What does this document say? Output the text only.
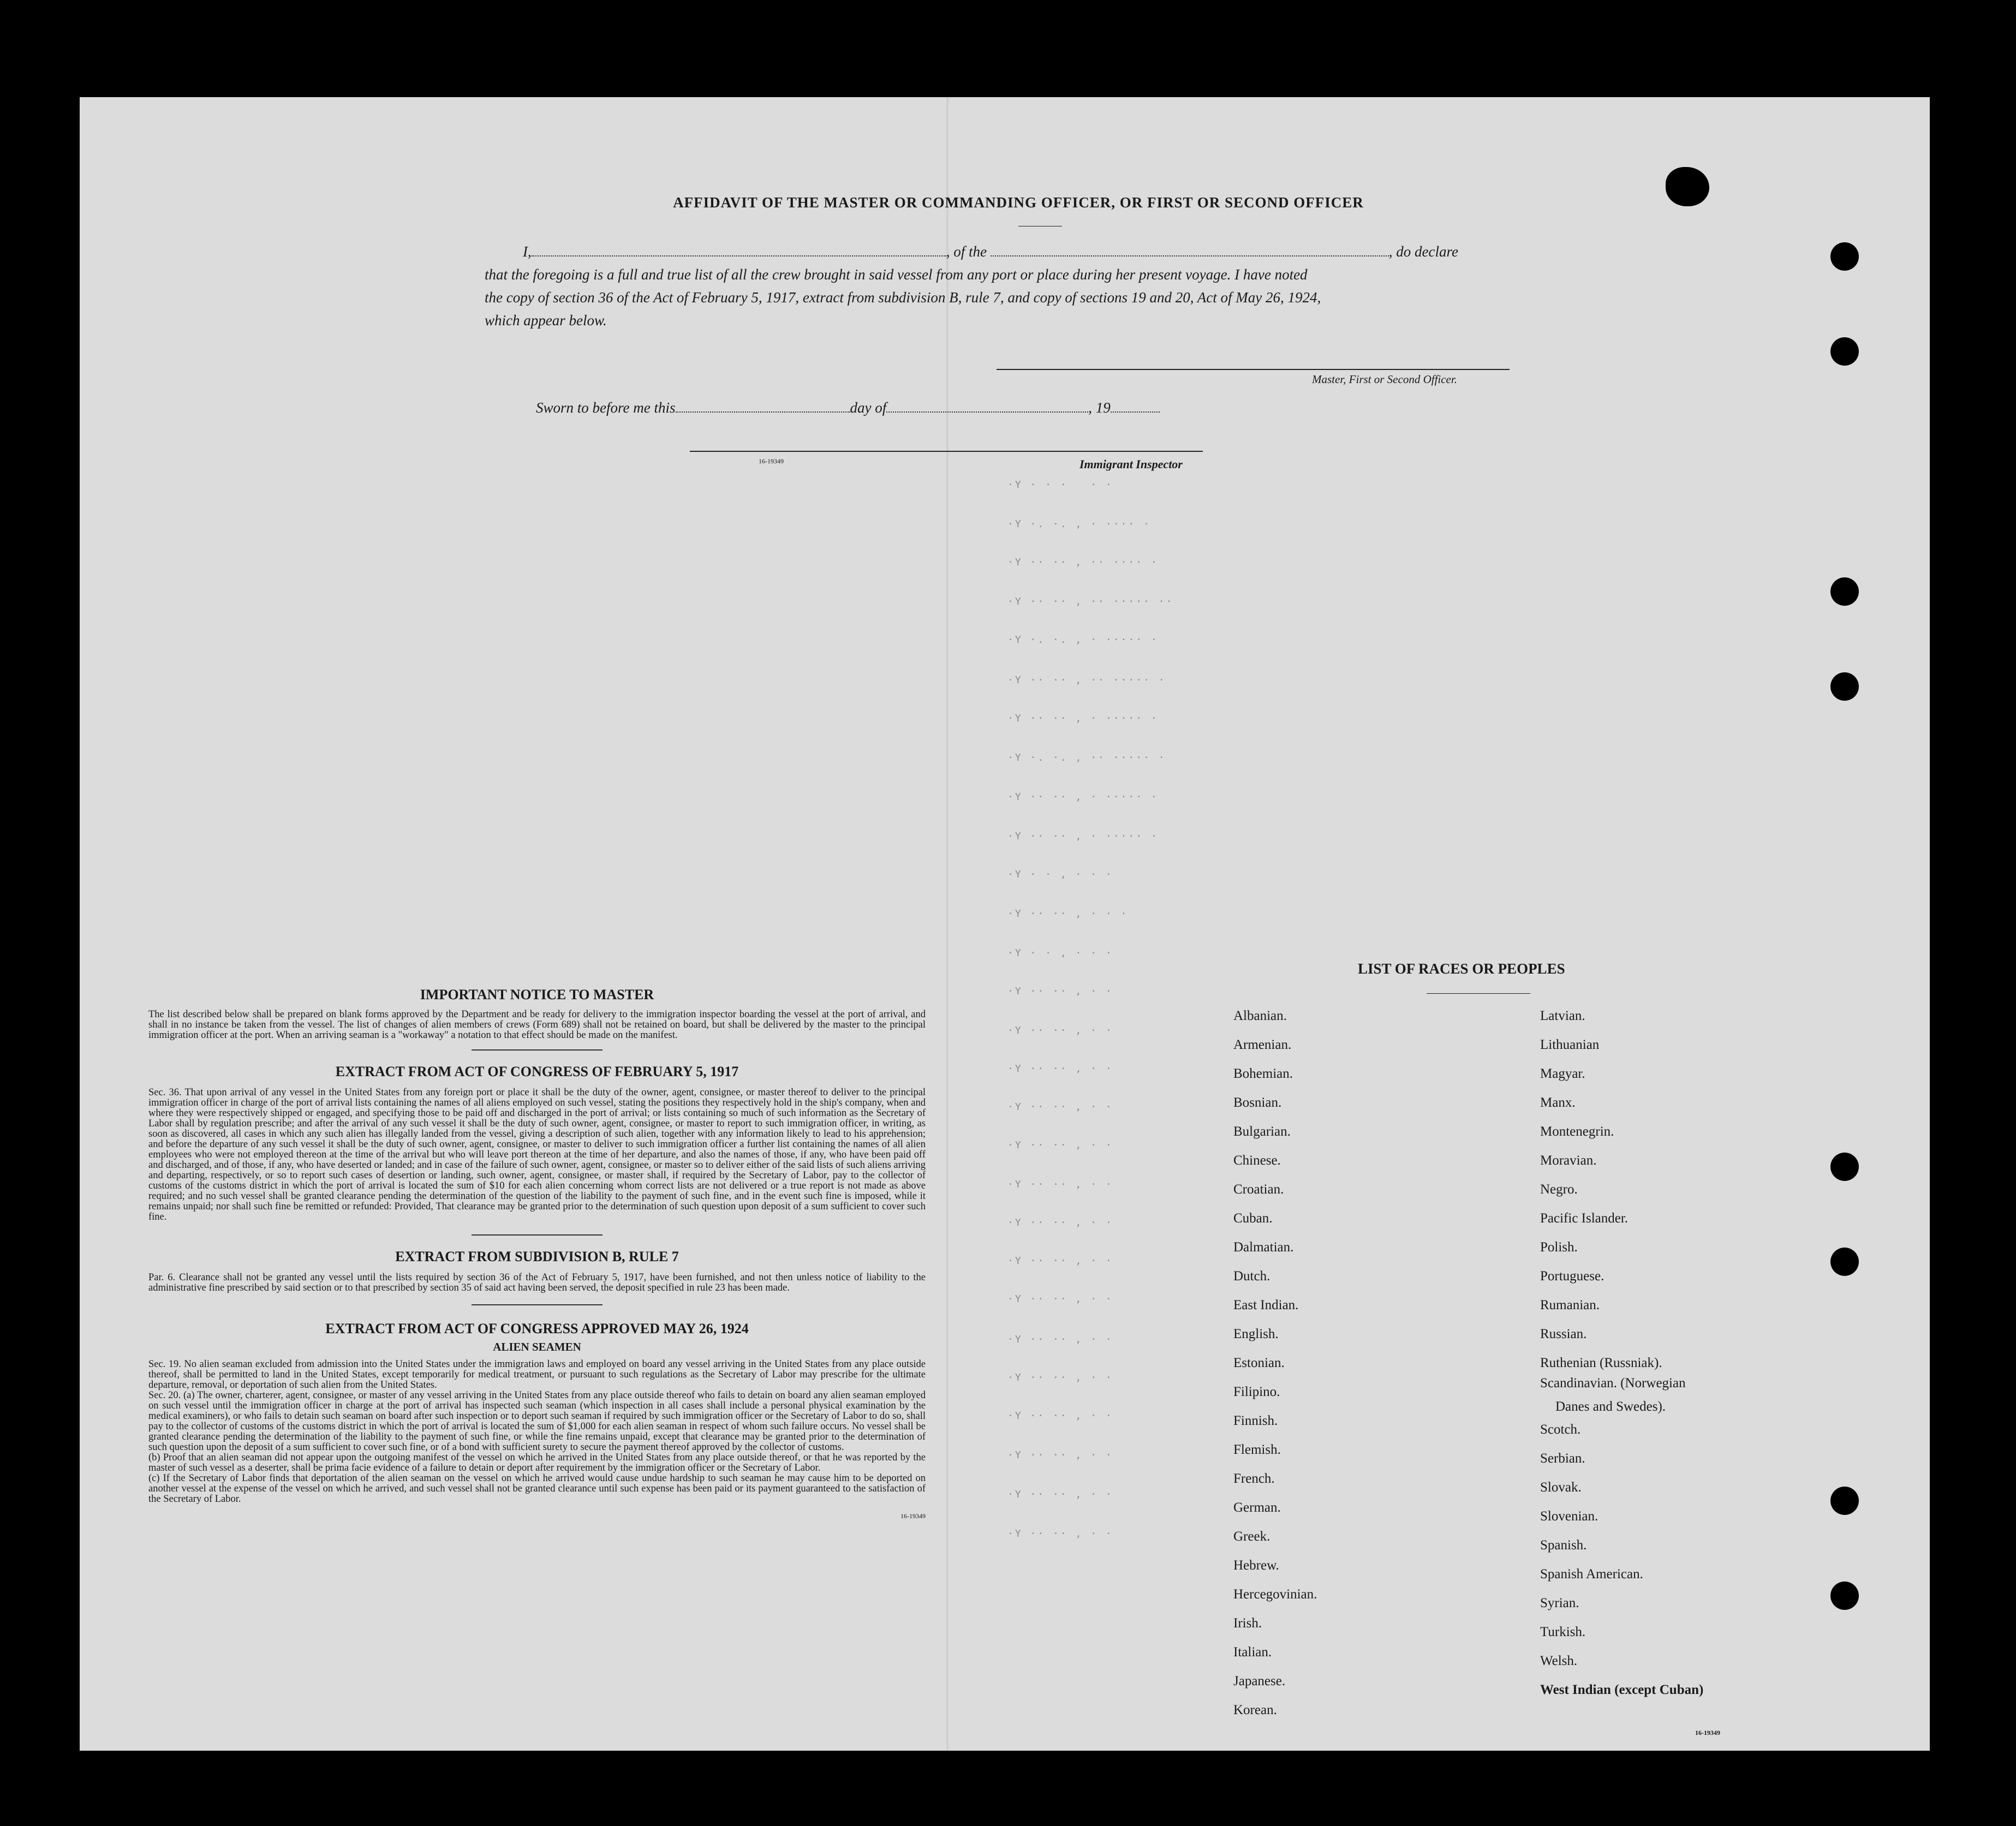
AFFIDAVIT OF THE MASTER OR COMMANDING OFFICER, OR FIRST OR SECOND OFFICER
I,	, of the	, do declare
that the foregoing is a full and true list of all the crew brought in said vessel from any port or place during her present voyage. I have noted
the copy of section 36 of the Act of February 5, 1917, extract from subdivision B, rule 7, and copy of sections 19 and 20, Act of May 26, 1924,
which appear below.
Master, First or Second Officer.
Sworn to before me this	day of	, 19
16-19349	Immigrant Inspector
·Y · · ·   · ·
·Y ·. ·. , · ···· ·
·Y ·· ·· , ·· ···· ·
·Y ·· ·· , ·· ····· ··
·Y ·. ·. , · ····· ·
·Y ·· ·· , ·· ····· ·
·Y ·· ·· , · ····· ·
·Y ·. ·. , ·· ····· ·
·Y ·· ·· , · ····· ·
·Y ·· ·· , · ····· ·
·Y · · , · · ·
·Y ·· ·· , · · ·
·Y · · , · · ·
·Y ·· ·· , · ·
·Y ·· ·· , · ·
·Y ·· ·· , · ·
·Y ·· ·· , · ·
·Y ·· ·· , · ·
·Y ·· ·· , · ·
·Y ·· ·· , · ·
·Y ·· ·· , · ·
·Y ·· ·· , · ·
·Y ·· ·· , · ·
·Y ·· ·· , · ·
·Y ·· ·· , · ·
·Y ·· ·· , · ·
·Y ·· ·· , · ·
·Y ·· ·· , · ·
IMPORTANT NOTICE TO MASTER
The list described below shall be prepared on blank forms approved by the Department and be ready for delivery to the immigration inspector boarding the vessel at the port of arrival, and shall in no instance be taken from the vessel. The list of changes of alien members of crews (Form 689) shall not be retained on board, but shall be delivered by the master to the principal immigration officer at the port. When an arriving seaman is a "workaway" a notation to that effect should be made on the manifest.
EXTRACT FROM ACT OF CONGRESS OF FEBRUARY 5, 1917
Sec. 36. That upon arrival of any vessel in the United States from any foreign port or place it shall be the duty of the owner, agent, consignee, or master thereof to deliver to the principal immigration officer in charge of the port of arrival lists containing the names of all aliens employed on such vessel, stating the positions they respectively hold in the ship's company, when and where they were respectively shipped or engaged, and specifying those to be paid off and discharged in the port of arrival; or lists containing so much of such information as the Secretary of Labor shall by regulation prescribe; and after the arrival of any such vessel it shall be the duty of such owner, agent, consignee, or master to report to such immigration officer, in writing, as soon as discovered, all cases in which any such alien has illegally landed from the vessel, giving a description of such alien, together with any information likely to lead to his apprehension; and before the departure of any such vessel it shall be the duty of such owner, agent, consignee, or master to deliver to such immigration officer a further list containing the names of all alien employees who were not employed thereon at the time of the arrival but who will leave port thereon at the time of her departure, and also the names of those, if any, who have been paid off and discharged, and of those, if any, who have deserted or landed; and in case of the failure of such owner, agent, consignee, or master so to deliver either of the said lists of such aliens arriving and departing, respectively, or so to report such cases of desertion or landing, such owner, agent, consignee, or master shall, if required by the Secretary of Labor, pay to the collector of customs of the customs district in which the port of arrival is located the sum of $10 for each alien concerning whom correct lists are not delivered or a true report is not made as above required; and no such vessel shall be granted clearance pending the determination of the question of the liability to the payment of such fine, and in the event such fine is imposed, while it remains unpaid; nor shall such fine be remitted or refunded: Provided, That clearance may be granted prior to the determination of such question upon deposit of a sum sufficient to cover such fine.
EXTRACT FROM SUBDIVISION B, RULE 7
Par. 6. Clearance shall not be granted any vessel until the lists required by section 36 of the Act of February 5, 1917, have been furnished, and not then unless notice of liability to the administrative fine prescribed by said section or to that prescribed by section 35 of said act having been served, the deposit specified in rule 23 has been made.
EXTRACT FROM ACT OF CONGRESS APPROVED MAY 26, 1924
ALIEN SEAMEN
Sec. 19. No alien seaman excluded from admission into the United States under the immigration laws and employed on board any vessel arriving in the United States from any place outside thereof, shall be permitted to land in the United States, except temporarily for medical treatment, or pursuant to such regulations as the Secretary of Labor may prescribe for the ultimate departure, removal, or deportation of such alien from the United States.
Sec. 20. (a) The owner, charterer, agent, consignee, or master of any vessel arriving in the United States from any place outside thereof who fails to detain on board any alien seaman employed on such vessel until the immigration officer in charge at the port of arrival has inspected such seaman (which inspection in all cases shall include a personal physical examination by the medical examiners), or who fails to detain such seaman on board after such inspection or to deport such seaman if required by such immigration officer or the Secretary of Labor to do so, shall pay to the collector of customs of the customs district in which the port of arrival is located the sum of $1,000 for each alien seaman in respect of whom such failure occurs. No vessel shall be granted clearance pending the determination of the liability to the payment of such fine, or while the fine remains unpaid, except that clearance may be granted prior to the determination of such question upon the deposit of a sum sufficient to cover such fine, or of a bond with sufficient surety to secure the payment thereof approved by the collector of customs.
(b) Proof that an alien seaman did not appear upon the outgoing manifest of the vessel on which he arrived in the United States from any place outside thereof, or that he was reported by the master of such vessel as a deserter, shall be prima facie evidence of a failure to detain or deport after requirement by the immigration officer or the Secretary of Labor.
(c) If the Secretary of Labor finds that deportation of the alien seaman on the vessel on which he arrived would cause undue hardship to such seaman he may cause him to be deported on another vessel at the expense of the vessel on which he arrived, and such vessel shall not be granted clearance until such expense has been paid or its payment guaranteed to the satisfaction of the Secretary of Labor.
16-19349
LIST OF RACES OR PEOPLES
16-19349
Albanian.
Armenian.
Bohemian.
Bosnian.
Bulgarian.
Chinese.
Croatian.
Cuban.
Dalmatian.
Dutch.
East Indian.
English.
Estonian.
Filipino.
Finnish.
Flemish.
French.
German.
Greek.
Hebrew.
Hercegovinian.
Irish.
Italian.
Japanese.
Korean.
Latvian.
Lithuanian
Magyar.
Manx.
Montenegrin.
Moravian.
Negro.
Pacific Islander.
Polish.
Portuguese.
Rumanian.
Russian.
Ruthenian (Russniak).
Scandinavian. (Norwegian
Danes and Swedes).
Scotch.
Serbian.
Slovak.
Slovenian.
Spanish.
Spanish American.
Syrian.
Turkish.
Welsh.
West Indian (except Cuban)
